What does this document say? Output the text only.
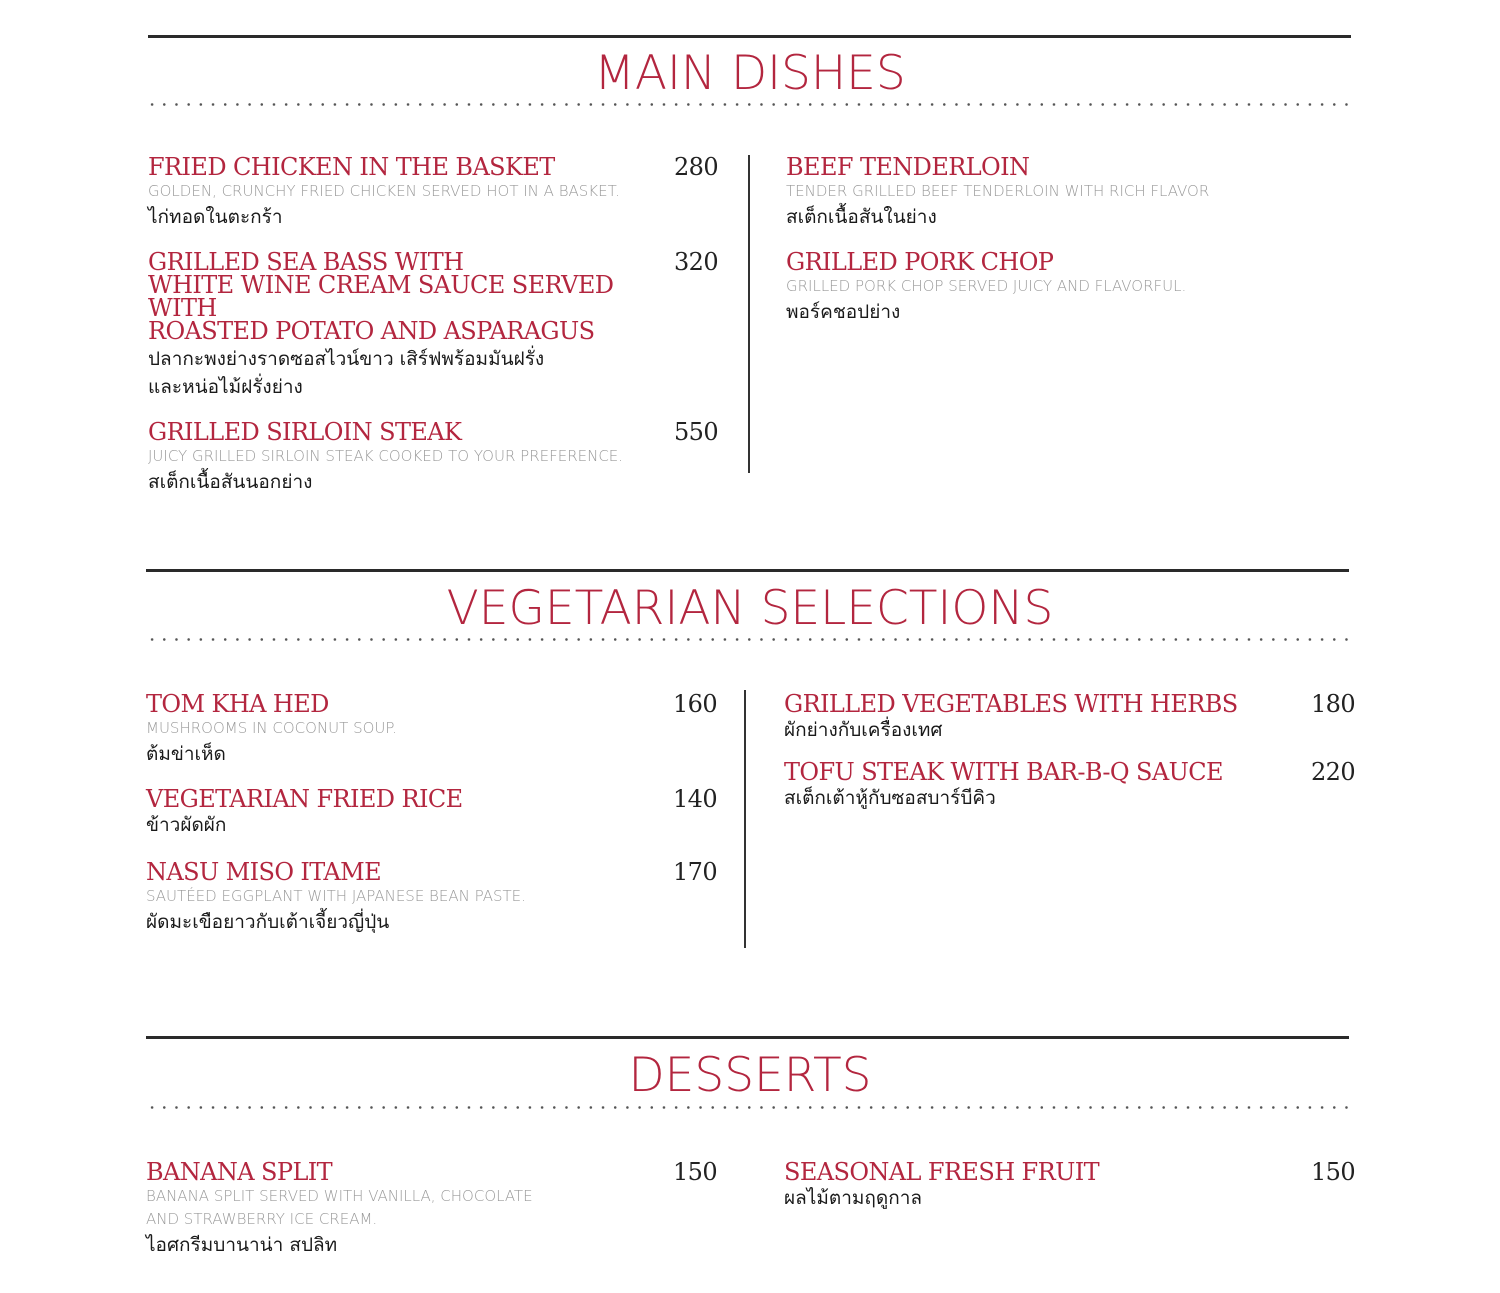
MAIN DISHES
FRIED CHICKEN IN THE BASKET	280
GOLDEN, CRUNCHY FRIED CHICKEN SERVED HOT IN A BASKET.
ไก่ทอดในตะกร้า
GRILLED SEA BASS WITH
WHITE WINE CREAM SAUCE SERVED WITH
ROASTED POTATO AND ASPARAGUS
320
ปลากะพงย่างราดซอสไวน์ขาว เสิร์ฟพร้อมมันฝรั่ง
และหน่อไม้ฝรั่งย่าง
GRILLED SIRLOIN STEAK	550
JUICY GRILLED SIRLOIN STEAK COOKED TO YOUR PREFERENCE.
สเต็กเนื้อสันนอกย่าง
BEEF TENDERLOIN
TENDER GRILLED BEEF TENDERLOIN WITH RICH FLAVOR
สเต็กเนื้อสันในย่าง
GRILLED PORK CHOP
GRILLED PORK CHOP SERVED JUICY AND FLAVORFUL.
พอร์คชอปย่าง
VEGETARIAN SELECTIONS
TOM KHA HED	160
MUSHROOMS IN COCONUT SOUP.
ต้มข่าเห็ด
VEGETARIAN FRIED RICE	140
ข้าวผัดผัก
NASU MISO ITAME	170
SAUTÉED EGGPLANT WITH JAPANESE BEAN PASTE.
ผัดมะเขือยาวกับเต้าเจี้ยวญี่ปุ่น
GRILLED VEGETABLES WITH HERBS	180
ผักย่างกับเครื่องเทศ
TOFU STEAK WITH BAR-B-Q SAUCE	220
สเต็กเต้าหู้กับซอสบาร์บีคิว
DESSERTS
BANANA SPLIT	150
BANANA SPLIT SERVED WITH VANILLA, CHOCOLATE
AND STRAWBERRY ICE CREAM.
ไอศกรีมบานาน่า สปลิท
SEASONAL FRESH FRUIT	150
ผลไม้ตามฤดูกาล
